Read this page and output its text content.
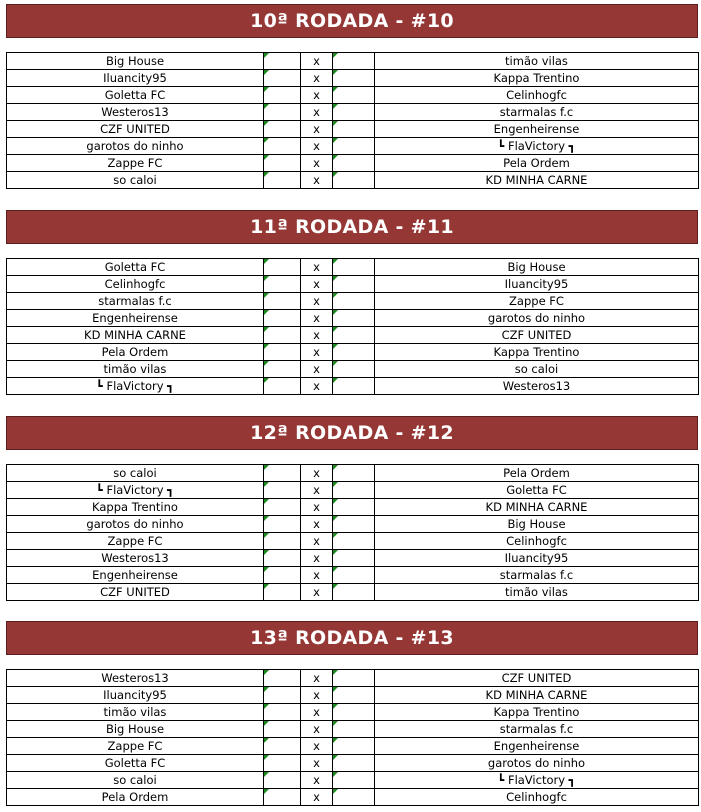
10ª RODADA - #10
Big House		x		timão vilas
Iluancity95		x		Kappa Trentino
Goletta FC		x		Celinhogfc
Westeros13		x		starmalas f.c
CZF UNITED		x		Engenheirense
garotos do ninho		x		┗ FlaVictory ┓
Zappe FC		x		Pela Ordem
so caloi		x		KD MINHA CARNE
11ª RODADA - #11
Goletta FC		x		Big House
Celinhogfc		x		Iluancity95
starmalas f.c		x		Zappe FC
Engenheirense		x		garotos do ninho
KD MINHA CARNE		x		CZF UNITED
Pela Ordem		x		Kappa Trentino
timão vilas		x		so caloi
┗ FlaVictory ┓		x		Westeros13
12ª RODADA - #12
so caloi		x		Pela Ordem
┗ FlaVictory ┓		x		Goletta FC
Kappa Trentino		x		KD MINHA CARNE
garotos do ninho		x		Big House
Zappe FC		x		Celinhogfc
Westeros13		x		Iluancity95
Engenheirense		x		starmalas f.c
CZF UNITED		x		timão vilas
13ª RODADA - #13
Westeros13		x		CZF UNITED
Iluancity95		x		KD MINHA CARNE
timão vilas		x		Kappa Trentino
Big House		x		starmalas f.c
Zappe FC		x		Engenheirense
Goletta FC		x		garotos do ninho
so caloi		x		┗ FlaVictory ┓
Pela Ordem		x		Celinhogfc
